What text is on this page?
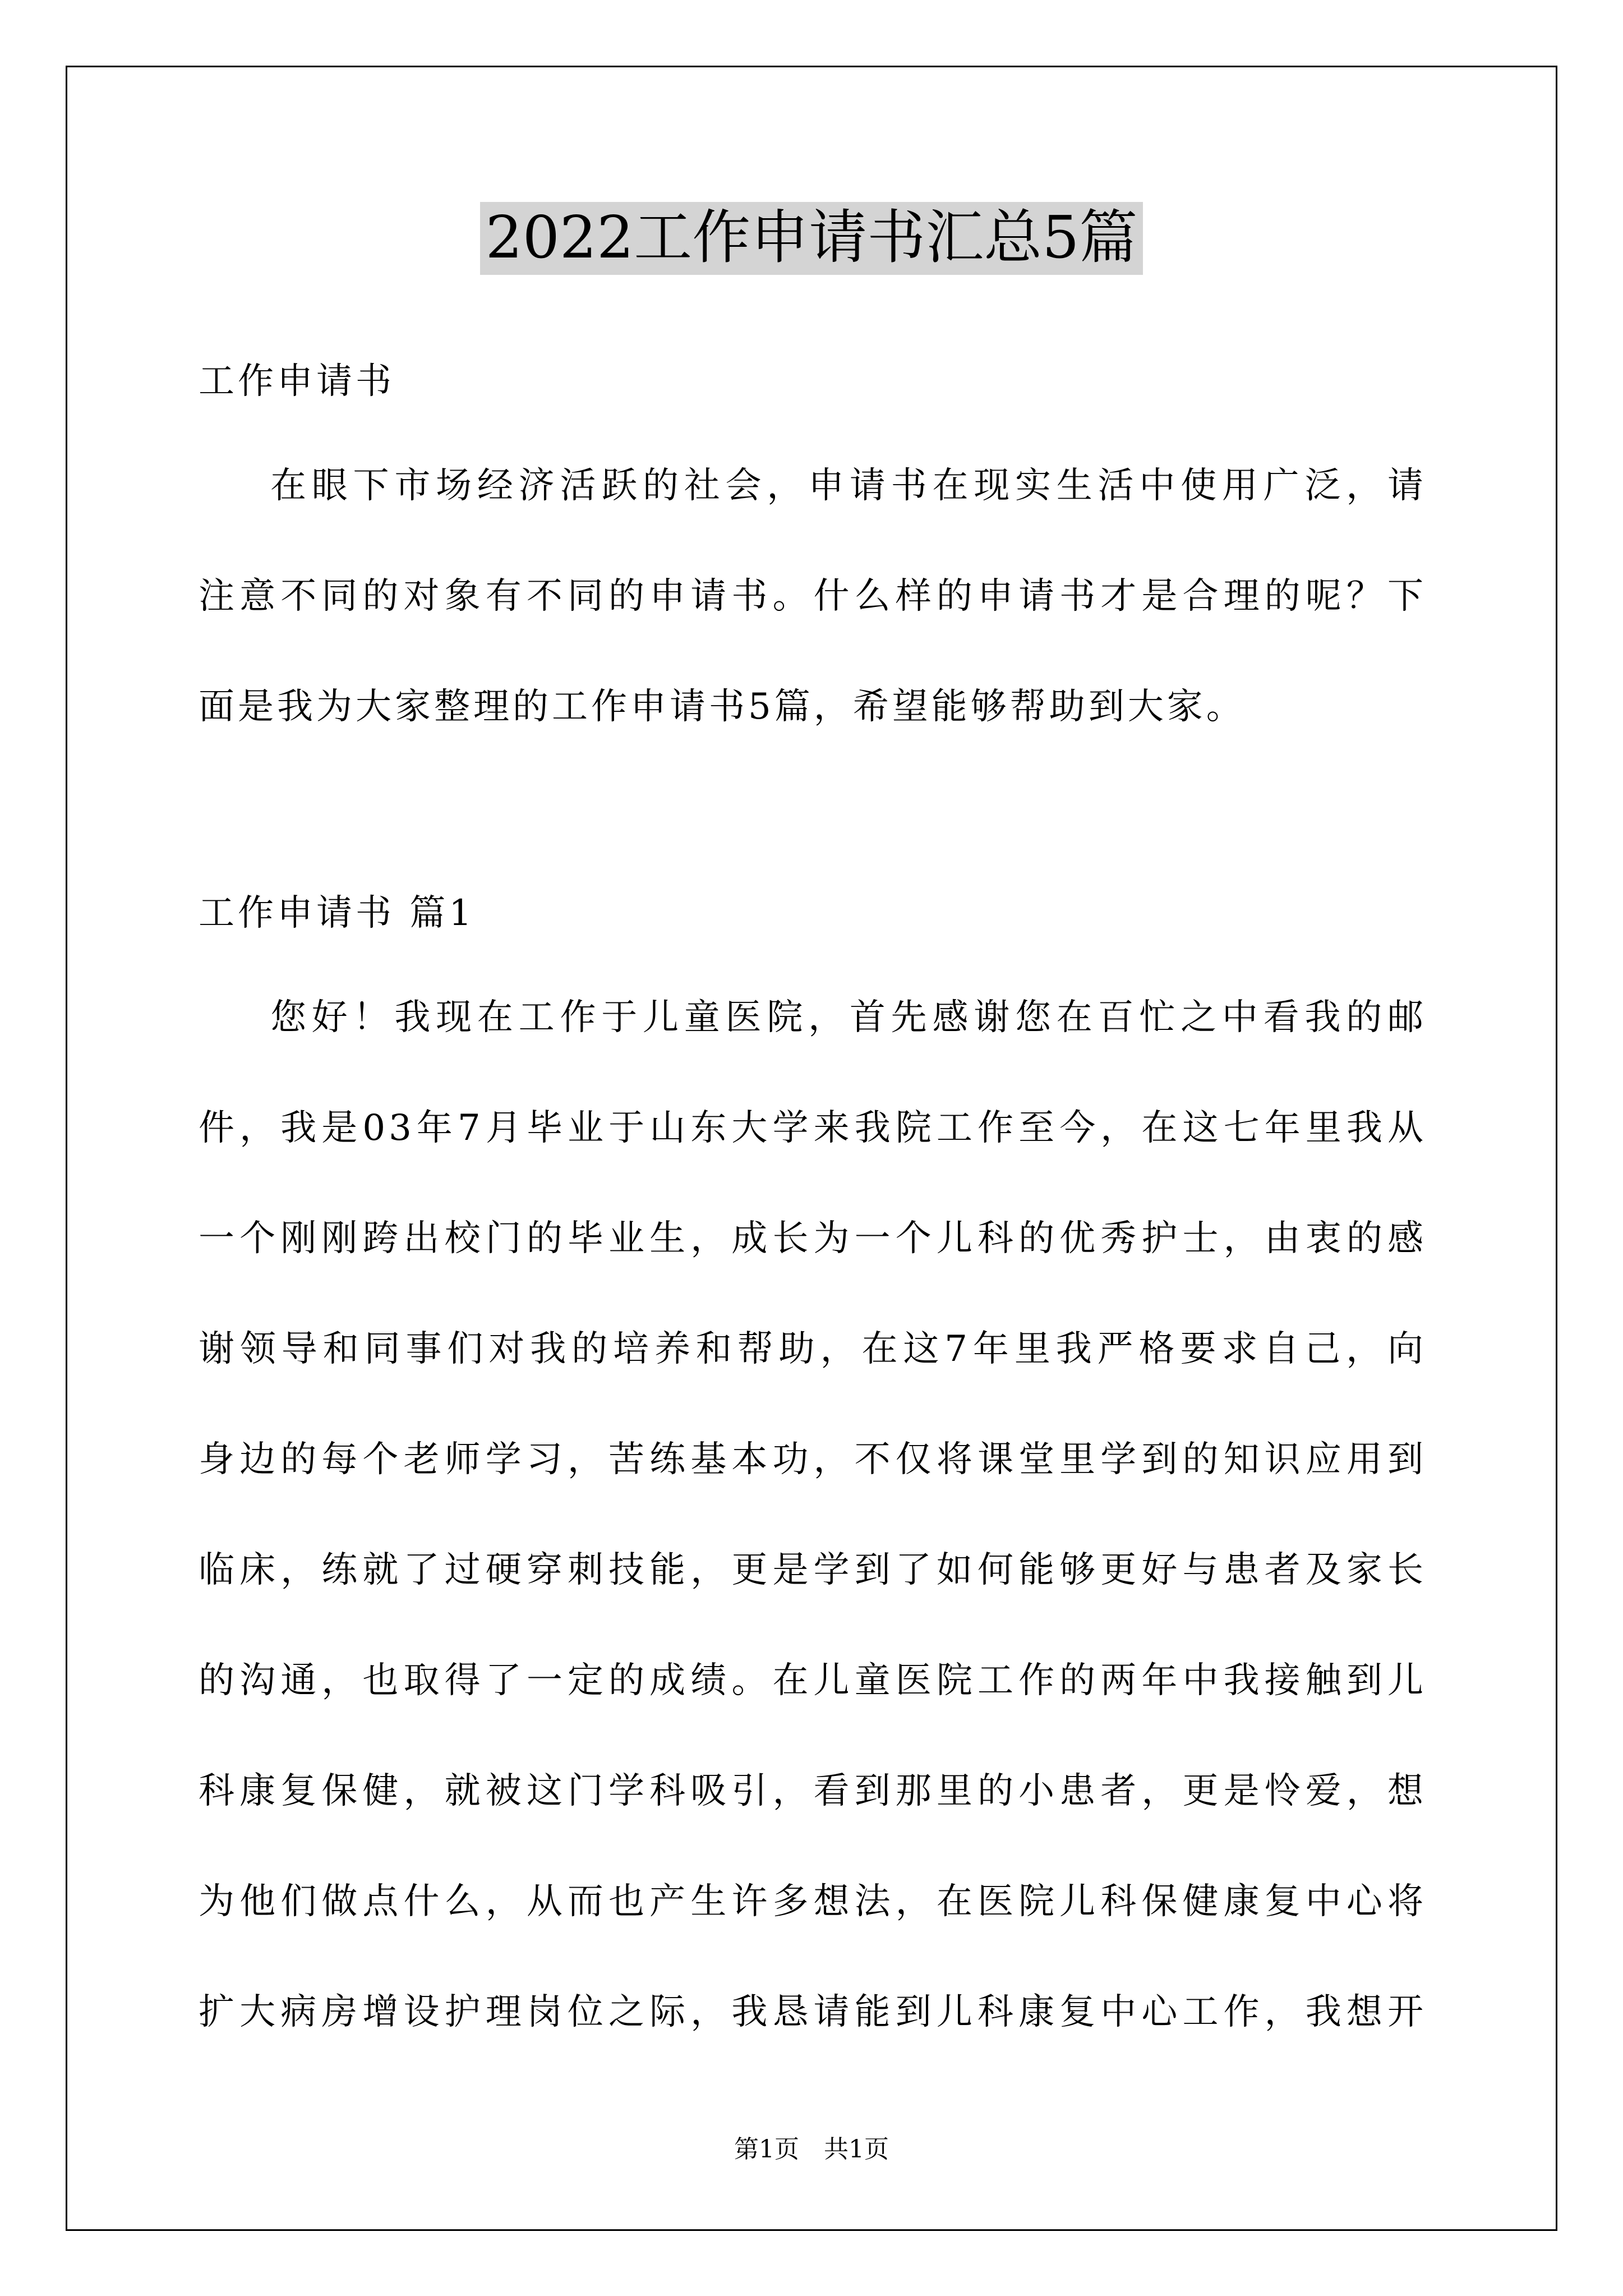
2022工作申请书汇总5篇
工作申请书
在眼下市场经济活跃的社会，申请书在现实生活中使用广泛，请
注意不同的对象有不同的申请书。什么样的申请书才是合理的呢？下
面是我为大家整理的工作申请书5篇，希望能够帮助到大家。
工作申请书 篇1
您好！我现在工作于儿童医院，首先感谢您在百忙之中看我的邮
件，我是03年7月毕业于山东大学来我院工作至今，在这七年里我从
一个刚刚跨出校门的毕业生，成长为一个儿科的优秀护士，由衷的感
谢领导和同事们对我的培养和帮助，在这7年里我严格要求自己，向
身边的每个老师学习，苦练基本功，不仅将课堂里学到的知识应用到
临床，练就了过硬穿刺技能，更是学到了如何能够更好与患者及家长
的沟通，也取得了一定的成绩。在儿童医院工作的两年中我接触到儿
科康复保健，就被这门学科吸引，看到那里的小患者，更是怜爱，想
为他们做点什么，从而也产生许多想法，在医院儿科保健康复中心将
扩大病房增设护理岗位之际，我恳请能到儿科康复中心工作，我想开
第1页　共1页
